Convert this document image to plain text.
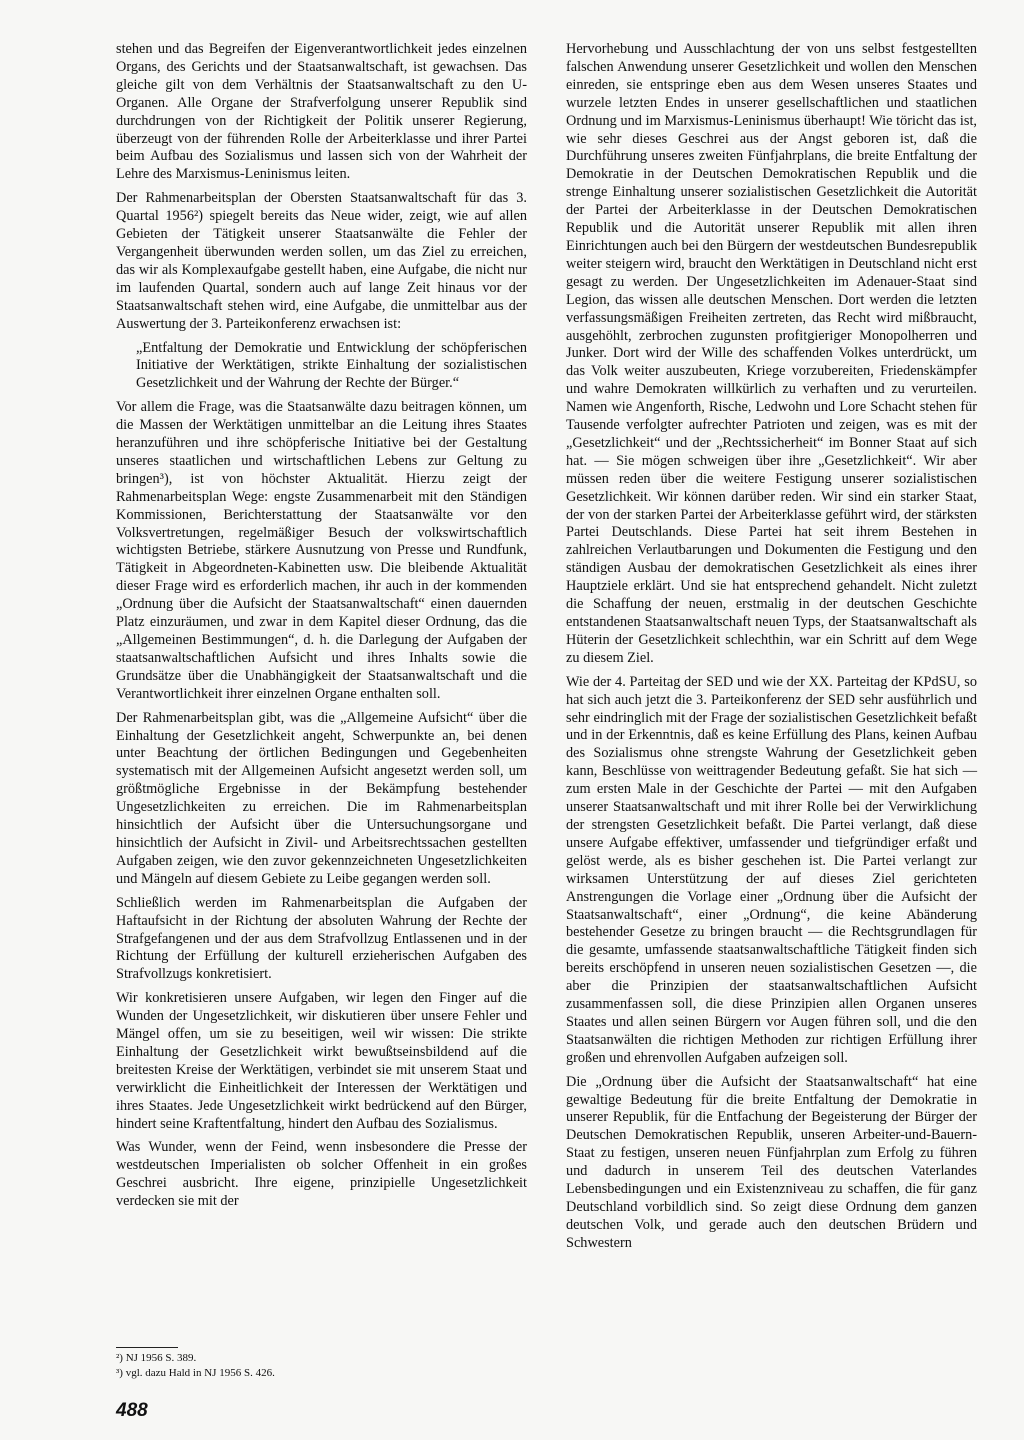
stehen und das Begreifen der Eigenverantwortlichkeit jedes einzelnen Organs, des Gerichts und der Staatsanwaltschaft, ist gewachsen. Das gleiche gilt von dem Verhältnis der Staatsanwaltschaft zu den U-Organen. Alle Organe der Strafverfolgung unserer Republik sind durchdrungen von der Richtigkeit der Politik unserer Regierung, überzeugt von der führenden Rolle der Arbeiterklasse und ihrer Partei beim Aufbau des Sozialismus und lassen sich von der Wahrheit der Lehre des Marxismus-Leninismus leiten.

Der Rahmenarbeitsplan der Obersten Staatsanwaltschaft für das 3. Quartal 1956²) spiegelt bereits das Neue wider, zeigt, wie auf allen Gebieten der Tätigkeit unserer Staatsanwälte die Fehler der Vergangenheit überwunden werden sollen, um das Ziel zu erreichen, das wir als Komplexaufgabe gestellt haben, eine Aufgabe, die nicht nur im laufenden Quartal, sondern auch auf lange Zeit hinaus vor der Staatsanwaltschaft stehen wird, eine Aufgabe, die unmittelbar aus der Auswertung der 3. Parteikonferenz erwachsen ist:

„Entfaltung der Demokratie und Entwicklung der schöpferischen Initiative der Werktätigen, strikte Einhaltung der sozialistischen Gesetzlichkeit und der Wahrung der Rechte der Bürger.“

Vor allem die Frage, was die Staatsanwälte dazu beitragen können, um die Massen der Werktätigen unmittelbar an die Leitung ihres Staates heranzuführen und ihre schöpferische Initiative bei der Gestaltung unseres staatlichen und wirtschaftlichen Lebens zur Geltung zu bringen³), ist von höchster Aktualität. Hierzu zeigt der Rahmenarbeitsplan Wege: engste Zusammenarbeit mit den Ständigen Kommissionen, Berichterstattung der Staatsanwälte vor den Volksvertretungen, regelmäßiger Besuch der volkswirtschaftlich wichtigsten Betriebe, stärkere Ausnutzung von Presse und Rundfunk, Tätigkeit in Abgeordneten-Kabinetten usw. Die bleibende Aktualität dieser Frage wird es erforderlich machen, ihr auch in der kommenden „Ordnung über die Aufsicht der Staatsanwaltschaft“ einen dauernden Platz einzuräumen, und zwar in dem Kapitel dieser Ordnung, das die „Allgemeinen Bestimmungen“, d. h. die Darlegung der Aufgaben der staatsanwaltschaftlichen Aufsicht und ihres Inhalts sowie die Grundsätze über die Unabhängigkeit der Staatsanwaltschaft und die Verantwortlichkeit ihrer einzelnen Organe enthalten soll.

Der Rahmenarbeitsplan gibt, was die „Allgemeine Aufsicht“ über die Einhaltung der Gesetzlichkeit angeht, Schwerpunkte an, bei denen unter Beachtung der örtlichen Bedingungen und Gegebenheiten systematisch mit der Allgemeinen Aufsicht angesetzt werden soll, um größtmögliche Ergebnisse in der Bekämpfung bestehender Ungesetzlichkeiten zu erreichen. Die im Rahmenarbeitsplan hinsichtlich der Aufsicht über die Untersuchungsorgane und hinsichtlich der Aufsicht in Zivil- und Arbeitsrechtssachen gestellten Aufgaben zeigen, wie den zuvor gekennzeichneten Ungesetzlichkeiten und Mängeln auf diesem Gebiete zu Leibe gegangen werden soll.

Schließlich werden im Rahmenarbeitsplan die Aufgaben der Haftaufsicht in der Richtung der absoluten Wahrung der Rechte der Strafgefangenen und der aus dem Strafvollzug Entlassenen und in der Richtung der Erfüllung der kulturell erzieherischen Aufgaben des Strafvollzugs konkretisiert.

Wir konkretisieren unsere Aufgaben, wir legen den Finger auf die Wunden der Ungesetzlichkeit, wir diskutieren über unsere Fehler und Mängel offen, um sie zu beseitigen, weil wir wissen: Die strikte Einhaltung der Gesetzlichkeit wirkt bewußtseinsbildend auf die breitesten Kreise der Werktätigen, verbindet sie mit unserem Staat und verwirklicht die Einheitlichkeit der Interessen der Werktätigen und ihres Staates. Jede Ungesetzlichkeit wirkt bedrückend auf den Bürger, hindert seine Kraftentfaltung, hindert den Aufbau des Sozialismus.

Was Wunder, wenn der Feind, wenn insbesondere die Presse der westdeutschen Imperialisten ob solcher Offenheit in ein großes Geschrei ausbricht. Ihre eigene, prinzipielle Ungesetzlichkeit verdecken sie mit der

Hervorhebung und Ausschlachtung der von uns selbst festgestellten falschen Anwendung unserer Gesetzlichkeit und wollen den Menschen einreden, sie entspringe eben aus dem Wesen unseres Staates und wurzele letzten Endes in unserer gesellschaftlichen und staatlichen Ordnung und im Marxismus-Leninismus überhaupt! Wie töricht das ist, wie sehr dieses Geschrei aus der Angst geboren ist, daß die Durchführung unseres zweiten Fünfjahrplans, die breite Entfaltung der Demokratie in der Deutschen Demokratischen Republik und die strenge Einhaltung unserer sozialistischen Gesetzlichkeit die Autorität der Partei der Arbeiterklasse in der Deutschen Demokratischen Republik und die Autorität unserer Republik mit allen ihren Einrichtungen auch bei den Bürgern der westdeutschen Bundesrepublik weiter steigern wird, braucht den Werktätigen in Deutschland nicht erst gesagt zu werden. Der Ungesetzlichkeiten im Adenauer-Staat sind Legion, das wissen alle deutschen Menschen. Dort werden die letzten verfassungsmäßigen Freiheiten zertreten, das Recht wird mißbraucht, ausgehöhlt, zerbrochen zugunsten profitgieriger Monopolherren und Junker. Dort wird der Wille des schaffenden Volkes unterdrückt, um das Volk weiter auszubeuten, Kriege vorzubereiten, Friedenskämpfer und wahre Demokraten willkürlich zu verhaften und zu verurteilen. Namen wie Angenforth, Rische, Ledwohn und Lore Schacht stehen für Tausende verfolgter aufrechter Patrioten und zeigen, was es mit der „Gesetzlichkeit“ und der „Rechtssicherheit“ im Bonner Staat auf sich hat. — Sie mögen schweigen über ihre „Gesetzlichkeit“. Wir aber müssen reden über die weitere Festigung unserer sozialistischen Gesetzlichkeit. Wir können darüber reden. Wir sind ein starker Staat, der von der starken Partei der Arbeiterklasse geführt wird, der stärksten Partei Deutschlands. Diese Partei hat seit ihrem Bestehen in zahlreichen Verlautbarungen und Dokumenten die Festigung und den ständigen Ausbau der demokratischen Gesetzlichkeit als eines ihrer Hauptziele erklärt. Und sie hat entsprechend gehandelt. Nicht zuletzt die Schaffung der neuen, erstmalig in der deutschen Geschichte entstandenen Staatsanwaltschaft neuen Typs, der Staatsanwaltschaft als Hüterin der Gesetzlichkeit schlechthin, war ein Schritt auf dem Wege zu diesem Ziel.

Wie der 4. Parteitag der SED und wie der XX. Parteitag der KPdSU, so hat sich auch jetzt die 3. Parteikonferenz der SED sehr ausführlich und sehr eindringlich mit der Frage der sozialistischen Gesetzlichkeit befaßt und in der Erkenntnis, daß es keine Erfüllung des Plans, keinen Aufbau des Sozialismus ohne strengste Wahrung der Gesetzlichkeit geben kann, Beschlüsse von weittragender Bedeutung gefaßt. Sie hat sich — zum ersten Male in der Geschichte der Partei — mit den Aufgaben unserer Staatsanwaltschaft und mit ihrer Rolle bei der Verwirklichung der strengsten Gesetzlichkeit befaßt. Die Partei verlangt, daß diese unsere Aufgabe effektiver, umfassender und tiefgründiger erfaßt und gelöst werde, als es bisher geschehen ist. Die Partei verlangt zur wirksamen Unterstützung der auf dieses Ziel gerichteten Anstrengungen die Vorlage einer „Ordnung über die Aufsicht der Staatsanwaltschaft“, einer „Ordnung“, die keine Abänderung bestehender Gesetze zu bringen braucht — die Rechtsgrundlagen für die gesamte, umfassende staatsanwaltschaftliche Tätigkeit finden sich bereits erschöpfend in unseren neuen sozialistischen Gesetzen —, die aber die Prinzipien der staatsanwaltschaftlichen Aufsicht zusammenfassen soll, die diese Prinzipien allen Organen unseres Staates und allen seinen Bürgern vor Augen führen soll, und die den Staatsanwälten die richtigen Methoden zur richtigen Erfüllung ihrer großen und ehrenvollen Aufgaben aufzeigen soll.

Die „Ordnung über die Aufsicht der Staatsanwaltschaft“ hat eine gewaltige Bedeutung für die breite Entfaltung der Demokratie in unserer Republik, für die Entfachung der Begeisterung der Bürger der Deutschen Demokratischen Republik, unseren Arbeiter-und-Bauern-Staat zu festigen, unseren neuen Fünfjahrplan zum Erfolg zu führen und dadurch in unserem Teil des deutschen Vaterlandes Lebensbedingungen und ein Existenzniveau zu schaffen, die für ganz Deutschland vorbildlich sind. So zeigt diese Ordnung dem ganzen deutschen Volk, und gerade auch den deutschen Brüdern und Schwestern

²) NJ 1956 S. 389.
³) vgl. dazu Hald in NJ 1956 S. 426.
488
